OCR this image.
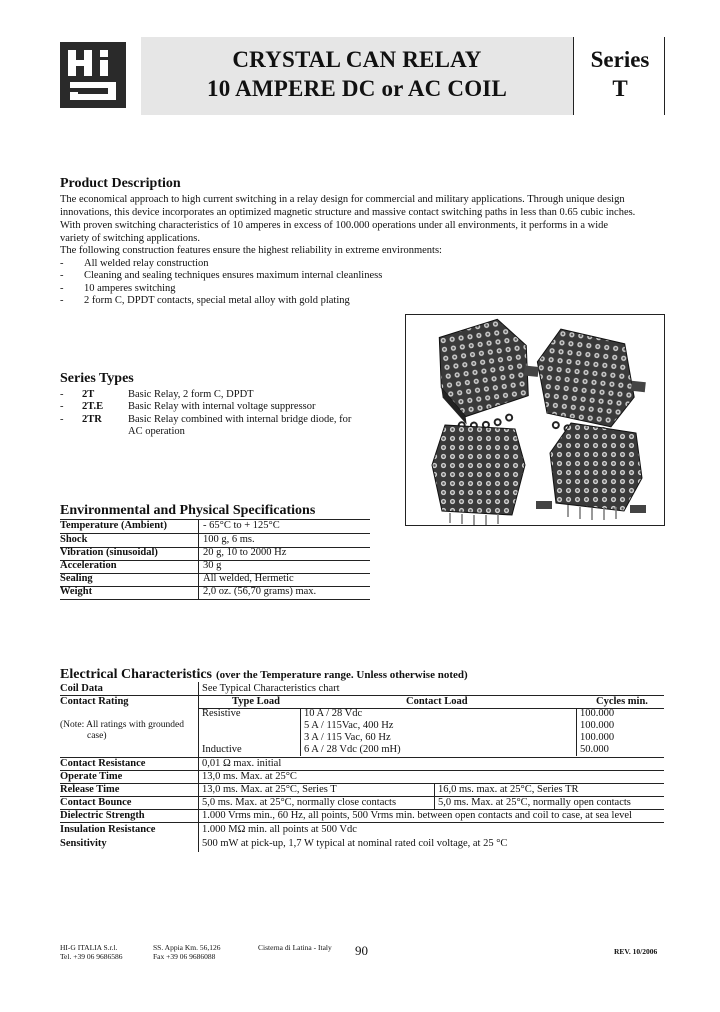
CRYSTAL CAN RELAY
10 AMPERE DC or AC COIL
Series
T
Product Description
The economical approach to high current switching in a relay design for commercial and military applications. Through unique design
innovations, this device incorporates an optimized magnetic structure and massive contact switching paths in less than 0.65 cubic inches.
With proven switching characteristics of 10 amperes in excess of 100.000 operations under all environments, it performs in a wide
variety of switching applications.
The following construction features ensure the highest reliability in extreme environments:
- All welded relay construction
- Cleaning and sealing techniques ensures maximum internal cleanliness
- 10 amperes switching
- 2 form C, DPDT contacts, special metal alloy with gold plating
Series Types
- 2T	Basic Relay, 2 form C, DPDT
- 2T.E Basic Relay with internal voltage suppressor
- 2TR Basic Relay combined with internal bridge diode, for
AC operation
Environmental and Physical Specifications
Temperature (Ambient)	- 65°C to + 125°C
Shock	100 g, 6 ms.
Vibration (sinusoidal)	20 g, 10 to 2000 Hz
Acceleration	30 g
Sealing	All welded, Hermetic
Weight	2,0 oz. (56,70 grams) max.
Electrical Characteristics (over the Temperature range. Unless otherwise noted)
Coil Data	See Typical Characteristics chart
Contact Rating	Type Load	Contact Load	Cycles min.
(Note: All ratings with grounded
case)
Resistive	10 A / 28 Vdc	100.000
5 A / 115Vac, 400 Hz	100.000
3 A / 115 Vac, 60 Hz	100.000
Inductive	6 A / 28 Vdc (200 mH)	50.000
Contact Resistance	0,01 Ω max. initial
Operate Time	13,0 ms. Max. at 25°C
Release Time	13,0 ms. Max. at 25°C, Series T	16,0 ms. max. at 25°C, Series TR
Contact Bounce	5,0 ms. Max. at 25°C, normally close contacts	5,0 ms. Max. at 25°C, normally open contacts
Dielectric Strength	1.000 Vrms min., 60 Hz, all points, 500 Vrms min. between open contacts and coil to case, at sea level
Insulation Resistance	1.000 MΩ min. all points at 500 Vdc
Sensitivity	500 mW at pick-up, 1,7 W typical at nominal rated coil voltage, at 25 °C
HI-G ITALIA S.r.l.
Tel. +39 06 9686586
SS. Appia Km. 56,126
Fax +39 06 9686088
Cisterna di Latina - Italy 90	REV. 10/2006
